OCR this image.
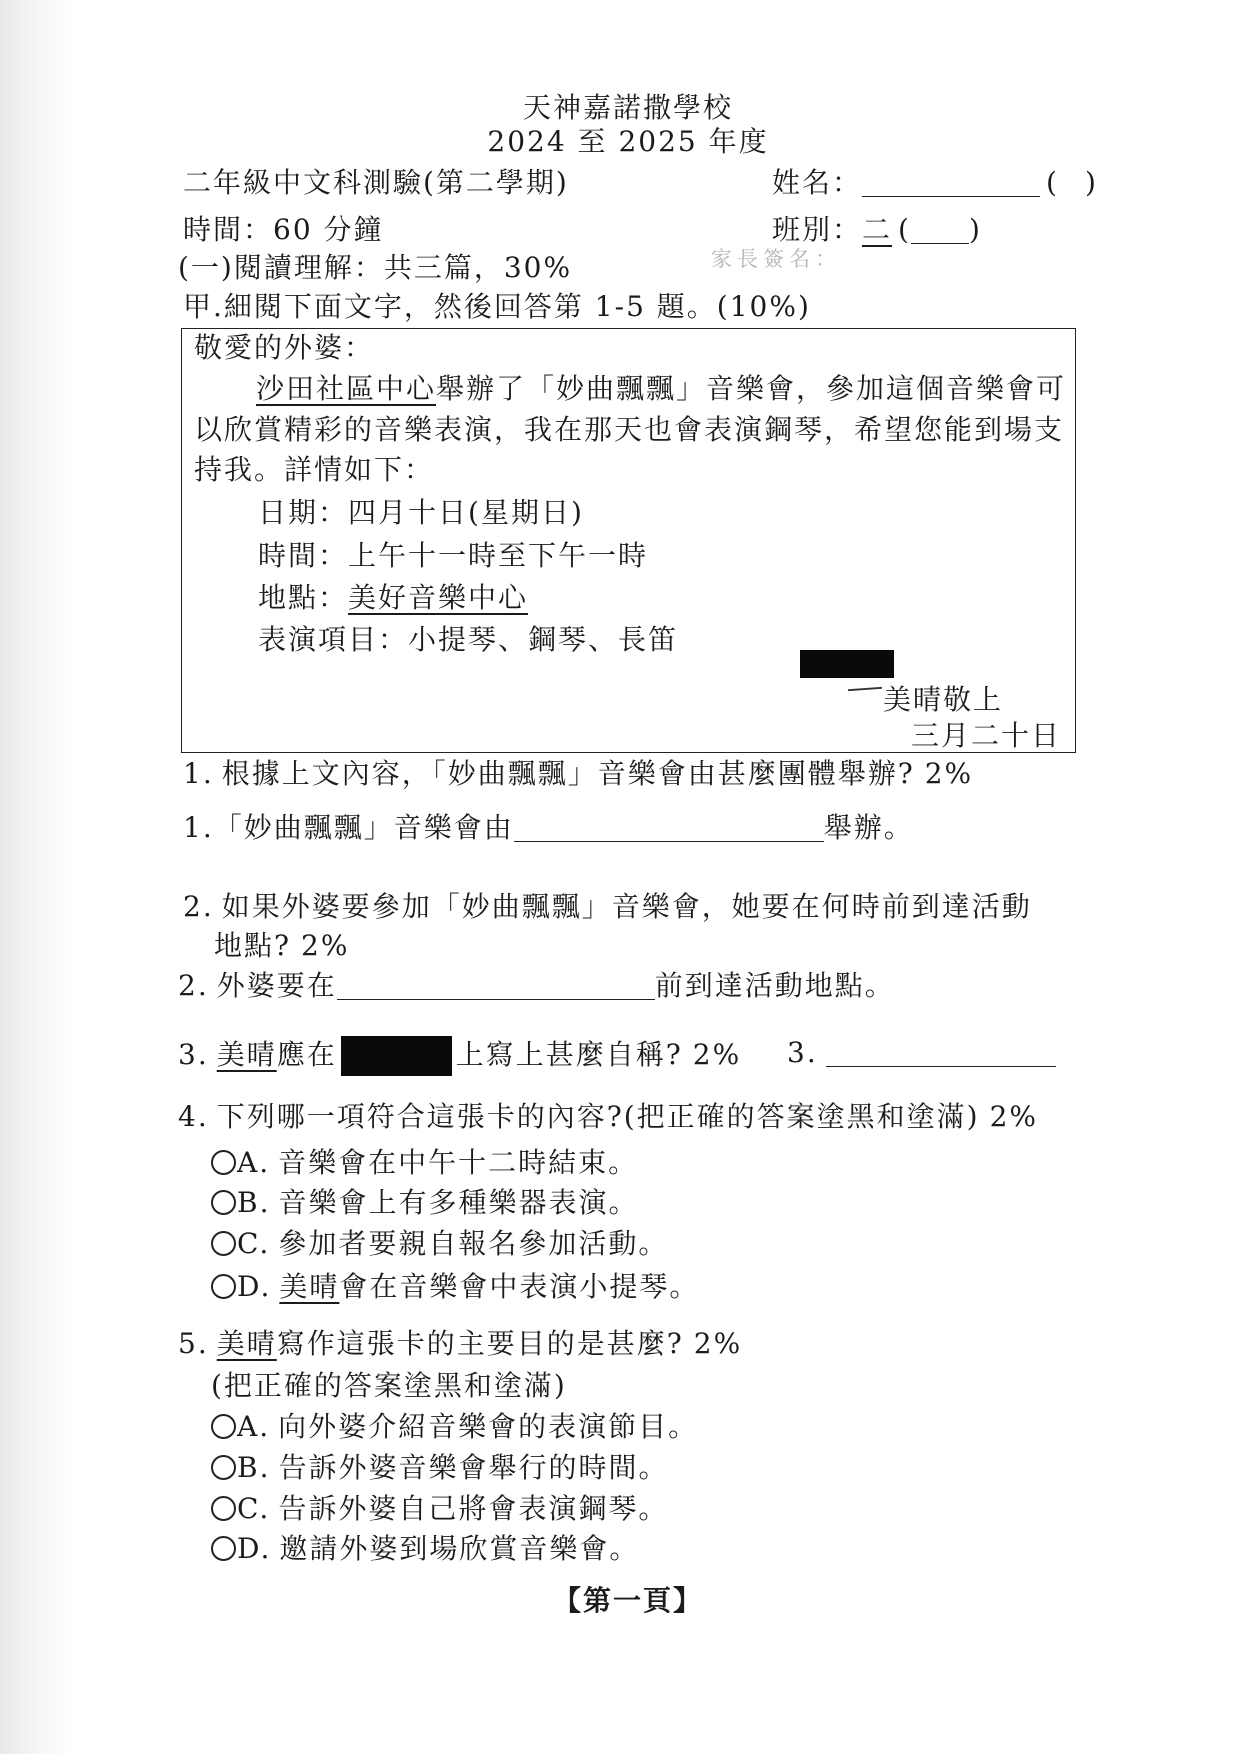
天神嘉諾撒學校
2024 至 2025 年度
二年級中文科測驗(第二學期)	姓名：	( )
時間：60 分鐘	班別：二 ( )
(一)閱讀理解：共三篇，30%	家長簽名：
甲.細閱下面文字，然後回答第 1-5 題。(10%)
敬愛的外婆：
沙田社區中心舉辦了「妙曲飄飄」音樂會，參加這個音樂會可
以欣賞精彩的音樂表演，我在那天也會表演鋼琴，希望您能到場支
持我。詳情如下：
日期：四月十日(星期日)
時間：上午十一時至下午一時
地點：美好音樂中心
表演項目：小提琴、鋼琴、長笛
美晴敬上
三月二十日
1. 根據上文內容，「妙曲飄飄」音樂會由甚麼團體舉辦? 2%
1.「妙曲飄飄」音樂會由	舉辦。
2. 如果外婆要參加「妙曲飄飄」音樂會，她要在何時前到達活動
地點? 2%
2. 外婆要在	前到達活動地點。
3. 美晴應在	上寫上甚麼自稱? 2% 3.
4. 下列哪一項符合這張卡的內容?(把正確的答案塗黑和塗滿) 2%
A. 音樂會在中午十二時結束。
B. 音樂會上有多種樂器表演。
C. 參加者要親自報名參加活動。
D. 美晴會在音樂會中表演小提琴。
5. 美晴寫作這張卡的主要目的是甚麼? 2%
(把正確的答案塗黑和塗滿)
A. 向外婆介紹音樂會的表演節目。
B. 告訴外婆音樂會舉行的時間。
C. 告訴外婆自己將會表演鋼琴。
D. 邀請外婆到場欣賞音樂會。
【第一頁】
